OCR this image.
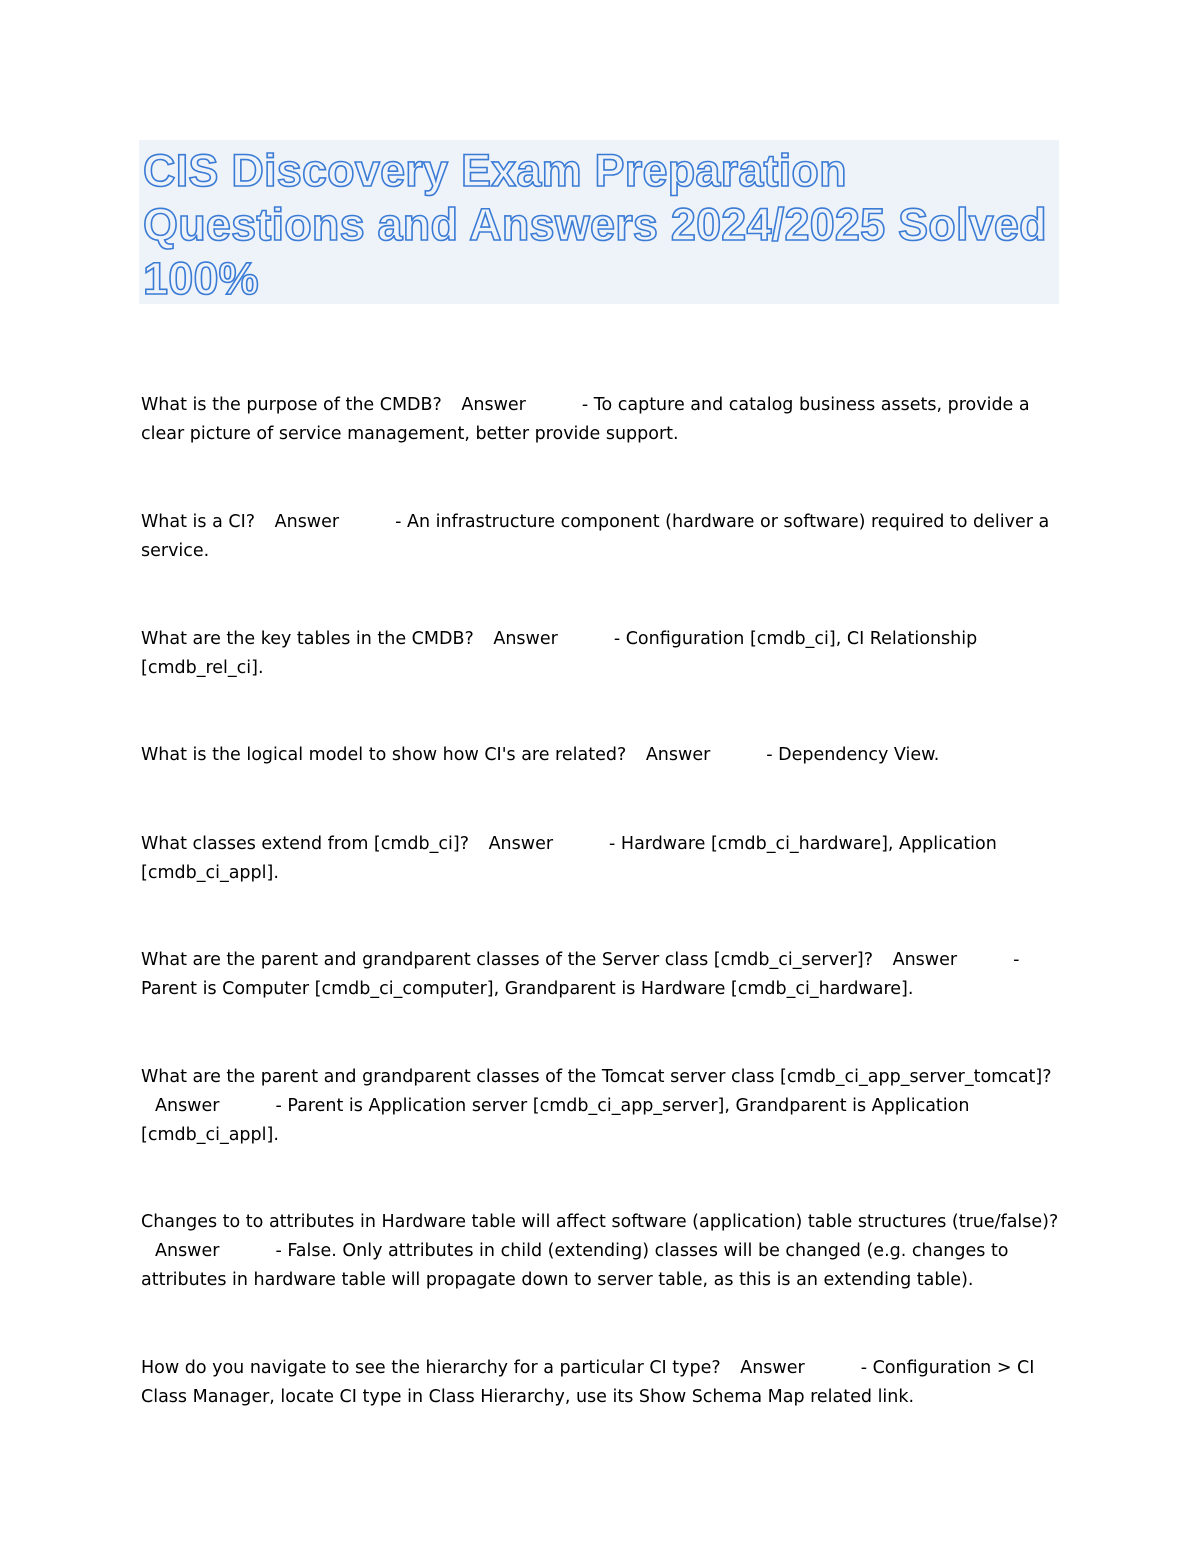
CIS Discovery Exam Preparation Questions and Answers 2024/2025 Solved 100%

What is the purpose of the CMDB? Answer	- To capture and catalog business assets, provide a clear picture of service management, better provide support.

What is a CI? Answer	- An infrastructure component (hardware or software) required to deliver a service.

What are the key tables in the CMDB? Answer	- Configuration [cmdb_ci], CI Relationship [cmdb_rel_ci].

What is the logical model to show how CI's are related? Answer	- Dependency View.

What classes extend from [cmdb_ci]? Answer	- Hardware [cmdb_ci_hardware], Application [cmdb_ci_appl].

What are the parent and grandparent classes of the Server class [cmdb_ci_server]? Answer	- Parent is Computer [cmdb_ci_computer], Grandparent is Hardware [cmdb_ci_hardware].

What are the parent and grandparent classes of the Tomcat server class [cmdb_ci_app_server_tomcat]? Answer	- Parent is Application server [cmdb_ci_app_server], Grandparent is Application [cmdb_ci_appl].

Changes to to attributes in Hardware table will affect software (application) table structures (true/false)? Answer	- False. Only attributes in child (extending) classes will be changed (e.g. changes to attributes in hardware table will propagate down to server table, as this is an extending table).

How do you navigate to see the hierarchy for a particular CI type? Answer	- Configuration > CI Class Manager, locate CI type in Class Hierarchy, use its Show Schema Map related link.
